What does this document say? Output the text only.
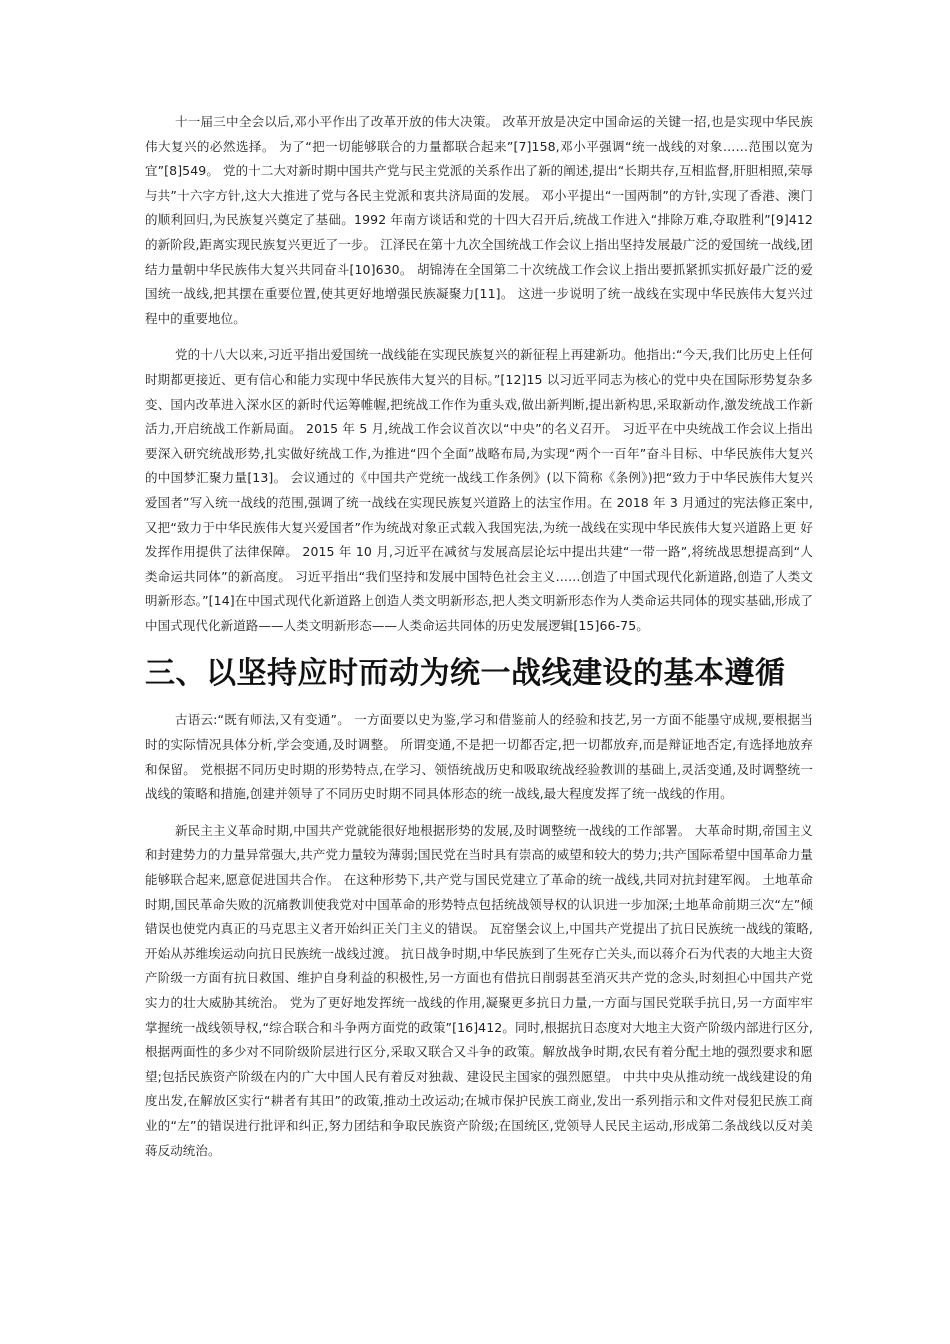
十一届三中全会以后,邓小平作出了改革开放的伟大决策。 改革开放是决定中国命运的关键一招,也是实现中华民族伟大复兴的必然选择。 为了“把一切能够联合的力量都联合起来”[7]158,邓小平强调“统一战线的对象……范围以宽为宜”[8]549。 党的十二大对新时期中国共产党与民主党派的关系作出了新的阐述,提出“长期共存,互相监督,肝胆相照,荣辱与共”十六字方针,这大大推进了党与各民主党派和衷共济局面的发展。 邓小平提出“一国两制”的方针,实现了香港、澳门的顺利回归,为民族复兴奠定了基础。1992 年南方谈话和党的十四大召开后,统战工作进入“排除万难,夺取胜利”[9]412 的新阶段,距离实现民族复兴更近了一步。 江泽民在第十九次全国统战工作会议上指出坚持发展最广泛的爱国统一战线,团结力量朝中华民族伟大复兴共同奋斗[10]630。 胡锦涛在全国第二十次统战工作会议上指出要抓紧抓实抓好最广泛的爱国统一战线,把其摆在重要位置,使其更好地增强民族凝聚力[11]。 这进一步说明了统一战线在实现中华民族伟大复兴过程中的重要地位。

党的十八大以来,习近平指出爱国统一战线能在实现民族复兴的新征程上再建新功。他指出:“今天,我们比历史上任何时期都更接近、更有信心和能力实现中华民族伟大复兴的目标。”[12]15 以习近平同志为核心的党中央在国际形势复杂多变、国内改革进入深水区的新时代运筹帷幄,把统战工作作为重头戏,做出新判断,提出新构思,采取新动作,激发统战工作新活力,开启统战工作新局面。 2015 年 5 月,统战工作会议首次以“中央”的名义召开。 习近平在中央统战工作会议上指出要深入研究统战形势,扎实做好统战工作,为推进“四个全面”战略布局,为实现“两个一百年”奋斗目标、中华民族伟大复兴的中国梦汇聚力量[13]。 会议通过的《中国共产党统一战线工作条例》(以下简称《条例》)把“致力于中华民族伟大复兴爱国者”写入统一战线的范围,强调了统一战线在实现民族复兴道路上的法宝作用。在 2018 年 3 月通过的宪法修正案中,又把“致力于中华民族伟大复兴爱国者”作为统战对象正式载入我国宪法,为统一战线在实现中华民族伟大复兴道路上更 好发挥作用提供了法律保障。 2015 年 10 月,习近平在减贫与发展高层论坛中提出共建“一带一路”,将统战思想提高到“人类命运共同体”的新高度。 习近平指出“我们坚持和发展中国特色社会主义……创造了中国式现代化新道路,创造了人类文明新形态。”[14]在中国式现代化新道路上创造人类文明新形态,把人类文明新形态作为人类命运共同体的现实基础,形成了中国式现代化新道路——人类文明新形态——人类命运共同体的历史发展逻辑[15]66-75。

三、以坚持应时而动为统一战线建设的基本遵循

古语云:“既有师法,又有变通”。 一方面要以史为鉴,学习和借鉴前人的经验和技艺,另一方面不能墨守成规,要根据当时的实际情况具体分析,学会变通,及时调整。 所谓变通,不是把一切都否定,把一切都放弃,而是辩证地否定,有选择地放弃和保留。 党根据不同历史时期的形势特点,在学习、领悟统战历史和吸取统战经验教训的基础上,灵活变通,及时调整统一战线的策略和措施,创建并领导了不同历史时期不同具体形态的统一战线,最大程度发挥了统一战线的作用。

新民主主义革命时期,中国共产党就能很好地根据形势的发展,及时调整统一战线的工作部署。 大革命时期,帝国主义和封建势力的力量异常强大,共产党力量较为薄弱;国民党在当时具有崇高的威望和较大的势力;共产国际希望中国革命力量能够联合起来,愿意促进国共合作。 在这种形势下,共产党与国民党建立了革命的统一战线,共同对抗封建军阀。 土地革命时期,国民革命失败的沉痛教训使我党对中国革命的形势特点包括统战领导权的认识进一步加深;土地革命前期三次“左”倾错误也使党内真正的马克思主义者开始纠正关门主义的错误。 瓦窑堡会议上,中国共产党提出了抗日民族统一战线的策略,开始从苏维埃运动向抗日民族统一战线过渡。 抗日战争时期,中华民族到了生死存亡关头,而以蒋介石为代表的大地主大资产阶级一方面有抗日救国、维护自身利益的积极性,另一方面也有借抗日削弱甚至消灭共产党的念头,时刻担心中国共产党实力的壮大威胁其统治。 党为了更好地发挥统一战线的作用,凝聚更多抗日力量,一方面与国民党联手抗日,另一方面牢牢掌握统一战线领导权,“综合联合和斗争两方面党的政策”[16]412。同时,根据抗日态度对大地主大资产阶级内部进行区分,根据两面性的多少对不同阶级阶层进行区分,采取又联合又斗争的政策。解放战争时期,农民有着分配土地的强烈要求和愿望;包括民族资产阶级在内的广大中国人民有着反对独裁、建设民主国家的强烈愿望。 中共中央从推动统一战线建设的角度出发,在解放区实行“耕者有其田”的政策,推动土改运动;在城市保护民族工商业,发出一系列指示和文件对侵犯民族工商业的“左”的错误进行批评和纠正,努力团结和争取民族资产阶级;在国统区,党领导人民民主运动,形成第二条战线以反对美蒋反动统治。
